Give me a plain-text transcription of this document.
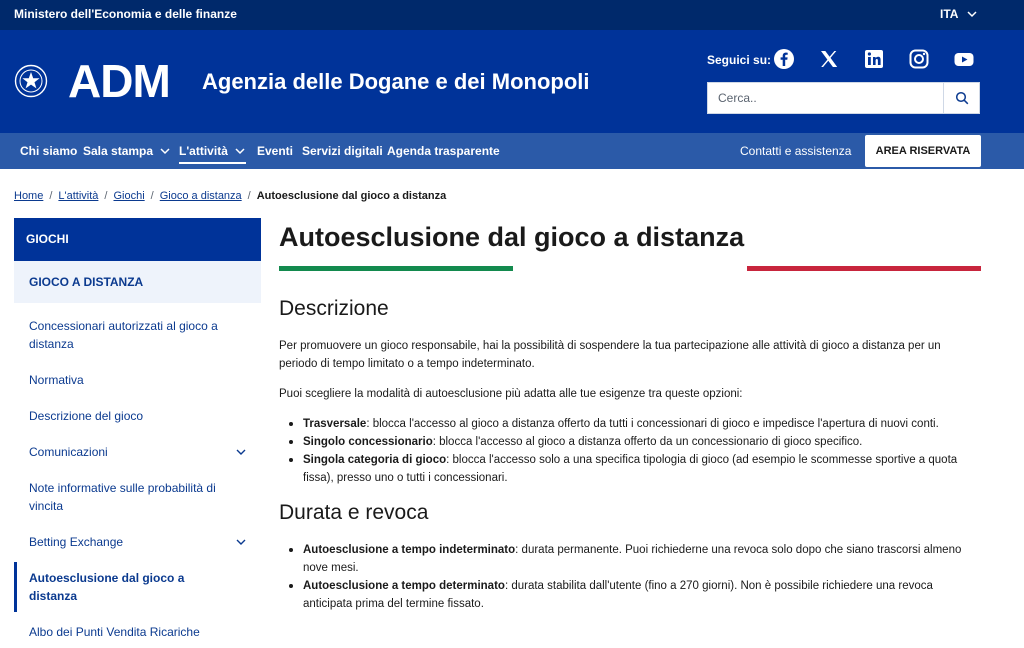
Ministero dell'Economia e delle finanze	ITA
ADM Agenzia delle Dogane e dei Monopoli
Seguici su:
Cerca..
Chi siamo Sala stampa L'attività Eventi Servizi digitali Agenda trasparente	Contatti e assistenza	AREA RISERVATA
Home / L'attività / Giochi / Gioco a distanza / Autoesclusione dal gioco a distanza
GIOCHI
GIOCO A DISTANZA
Concessionari autorizzati al gioco a distanza
Normativa
Descrizione del gioco
Comunicazioni
Note informative sulle probabilità di vincita
Betting Exchange
Autoesclusione dal gioco a distanza
Albo dei Punti Vendita Ricariche
Autoesclusione dal gioco a distanza
Descrizione

Per promuovere un gioco responsabile, hai la possibilità di sospendere la tua partecipazione alle attività di gioco a distanza per un periodo di tempo limitato o a tempo indeterminato.

Puoi scegliere la modalità di autoesclusione più adatta alle tue esigenze tra queste opzioni:

Trasversale: blocca l'accesso al gioco a distanza offerto da tutti i concessionari di gioco e impedisce l'apertura di nuovi conti.
Singolo concessionario: blocca l'accesso al gioco a distanza offerto da un concessionario di gioco specifico.
Singola categoria di gioco: blocca l'accesso solo a una specifica tipologia di gioco (ad esempio le scommesse sportive a quota fissa), presso uno o tutti i concessionari.
Durata e revoca
Autoesclusione a tempo indeterminato: durata permanente. Puoi richiederne una revoca solo dopo che siano trascorsi almeno nove mesi.
Autoesclusione a tempo determinato: durata stabilita dall'utente (fino a 270 giorni). Non è possibile richiedere una revoca anticipata prima del termine fissato.
